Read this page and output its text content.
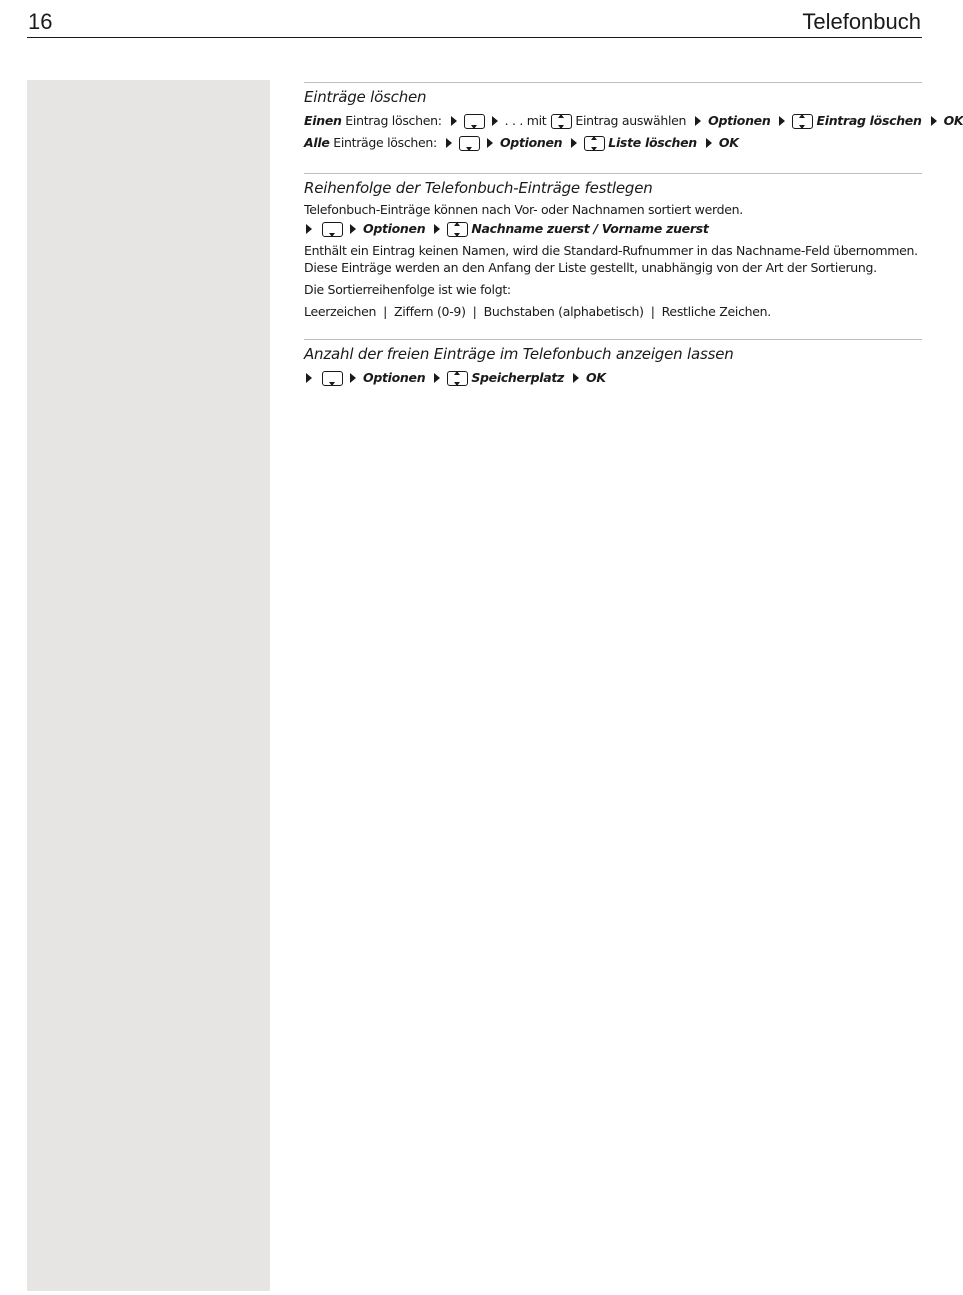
16	Telefonbuch
Einträge löschen
Einen
Eintrag löschen:	. . . mit Eintrag auswählen Optionen	Eintrag löschen OK
Alle
Einträge löschen:	Optionen	Liste löschen OK
Reihenfolge der Telefonbuch-Einträge festlegen
Telefonbuch-Einträge können nach Vor- oder Nachnamen sortiert werden.
Optionen	Nachname zuerst / Vorname zuerst
Enthält ein Eintrag keinen Namen, wird die Standard-Rufnummer in das Nachname-Feld übernommen. Diese Einträge werden an den Anfang der Liste gestellt, unabhängig von der Art der Sortierung.
Die Sortierreihenfolge ist wie folgt:
Leerzeichen | Ziffern (0-9) | Buchstaben (alphabetisch) | Restliche Zeichen.
Anzahl der freien Einträge im Telefonbuch anzeigen lassen
Optionen	Speicherplatz OK
